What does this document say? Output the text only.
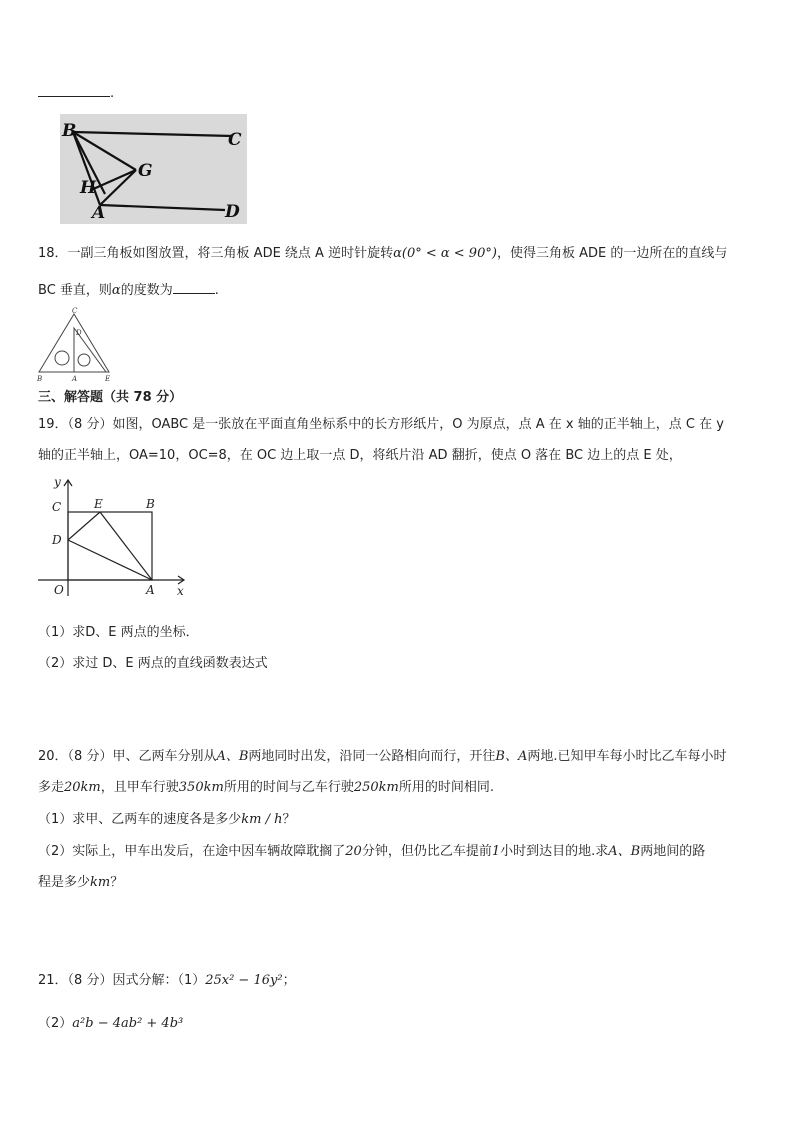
.
B	C
G
H
A	D
18．一副三角板如图放置，将三角板 ADE 绕点 A 逆时针旋转α(0° < α < 90°)，使得三角板 ADE 的一边所在的直线与
BC 垂直，则α的度数为	.
C
D
B	A	E
三、解答题（共 78 分）
19．（8 分）如图，OABC 是一张放在平面直角坐标系中的长方形纸片，O 为原点，点 A 在 x 轴的正半轴上，点 C 在 y
轴的正半轴上，OA=10，OC=8，在 OC 边上取一点 D，将纸片沿 AD 翻折，使点 O 落在 BC 边上的点 E 处，
y
C	E	B
D
O	A x
（1）求D、E 两点的坐标．
（2）求过 D、E 两点的直线函数表达式
20．（8 分）甲、乙两车分别从A、B两地同时出发，沿同一公路相向而行，开往B、A两地.已知甲车每小时比乙车每小时
多走20km，且甲车行驶350km所用的时间与乙车行驶250km所用的时间相同.
（1）求甲、乙两车的速度各是多少km / h？
（2）实际上，甲车出发后，在途中因车辆故障耽搁了20分钟，但仍比乙车提前1小时到达目的地.求A、B两地间的路
程是多少km？
21．（8 分）因式分解：（1）25x² − 16y²；
（2）a²b − 4ab² + 4b³
